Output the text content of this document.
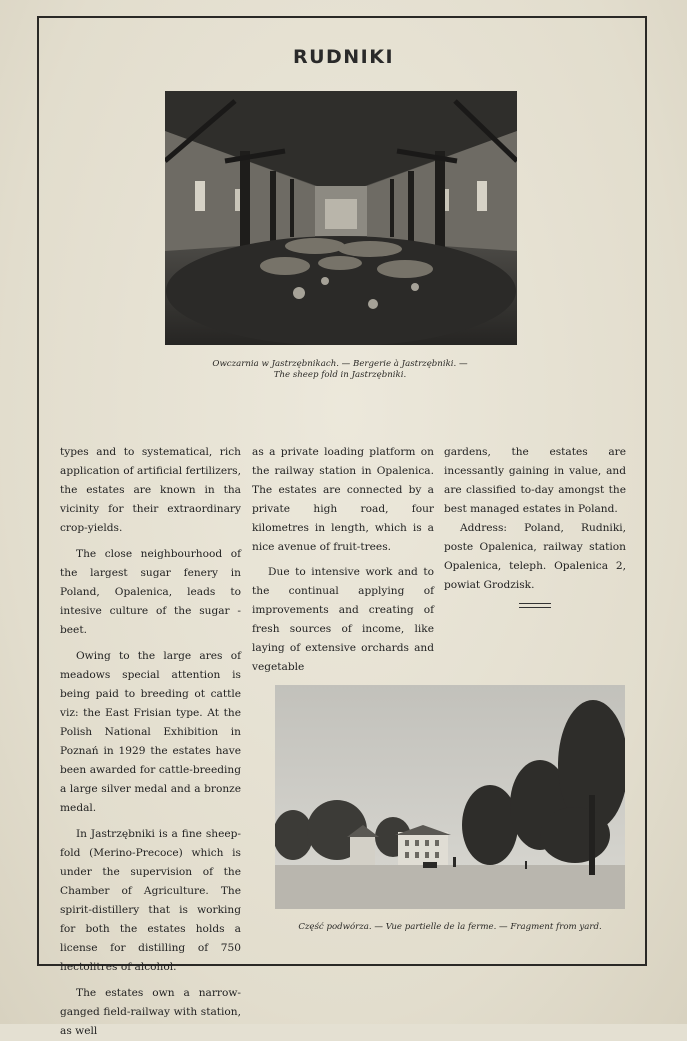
RUDNIKI
Owczarnia w Jastrzębnikach. — Bergerie à Jastrzębniki. —
The sheep fold in Jastrzębniki.

types and to systematical, rich application of artificial fertilizers, the estates are known in tha vicinity for their extraordinary crop-yields.

The close neighbourhood of the largest sugar fenery in Poland, Opalenica, leads to intesive culture of the sugar - beet.

Owing to the large ares of meadows special attention is being paid to breeding ot cattle viz: the East Frisian type. At the Polish National Exhibition in Poznań in 1929 the estates have been awarded for cattle-breeding a large silver medal and a bronze medal.

In Jastrzębniki is a fine sheep-fold (Merino-Precoce) which is under the supervision of the Chamber of Agriculture. The spirit-distillery that is working for both the estates holds a license for distilling of 750 hectolitres of alcohol.

The estates own a narrow-ganged field-railway with station, as well

as a private loading platform on the railway station in Opalenica. The estates are connected by a private high road, four kilometres in length, which is a nice avenue of fruit-trees.

Due to intensive work and to the continual applying of improvements and creating of fresh sources of income, like laying of extensive orchards and vegetable

gardens, the estates are incessantly gaining in value, and are classified to-day amongst the best managed estates in Poland.

Address: Poland, Rudniki, poste Opalenica, railway station Opalenica, teleph. Opalenica 2, powiat Grodzisk.

Część podwórza. — Vue partielle de la ferme. — Fragment from yard.
